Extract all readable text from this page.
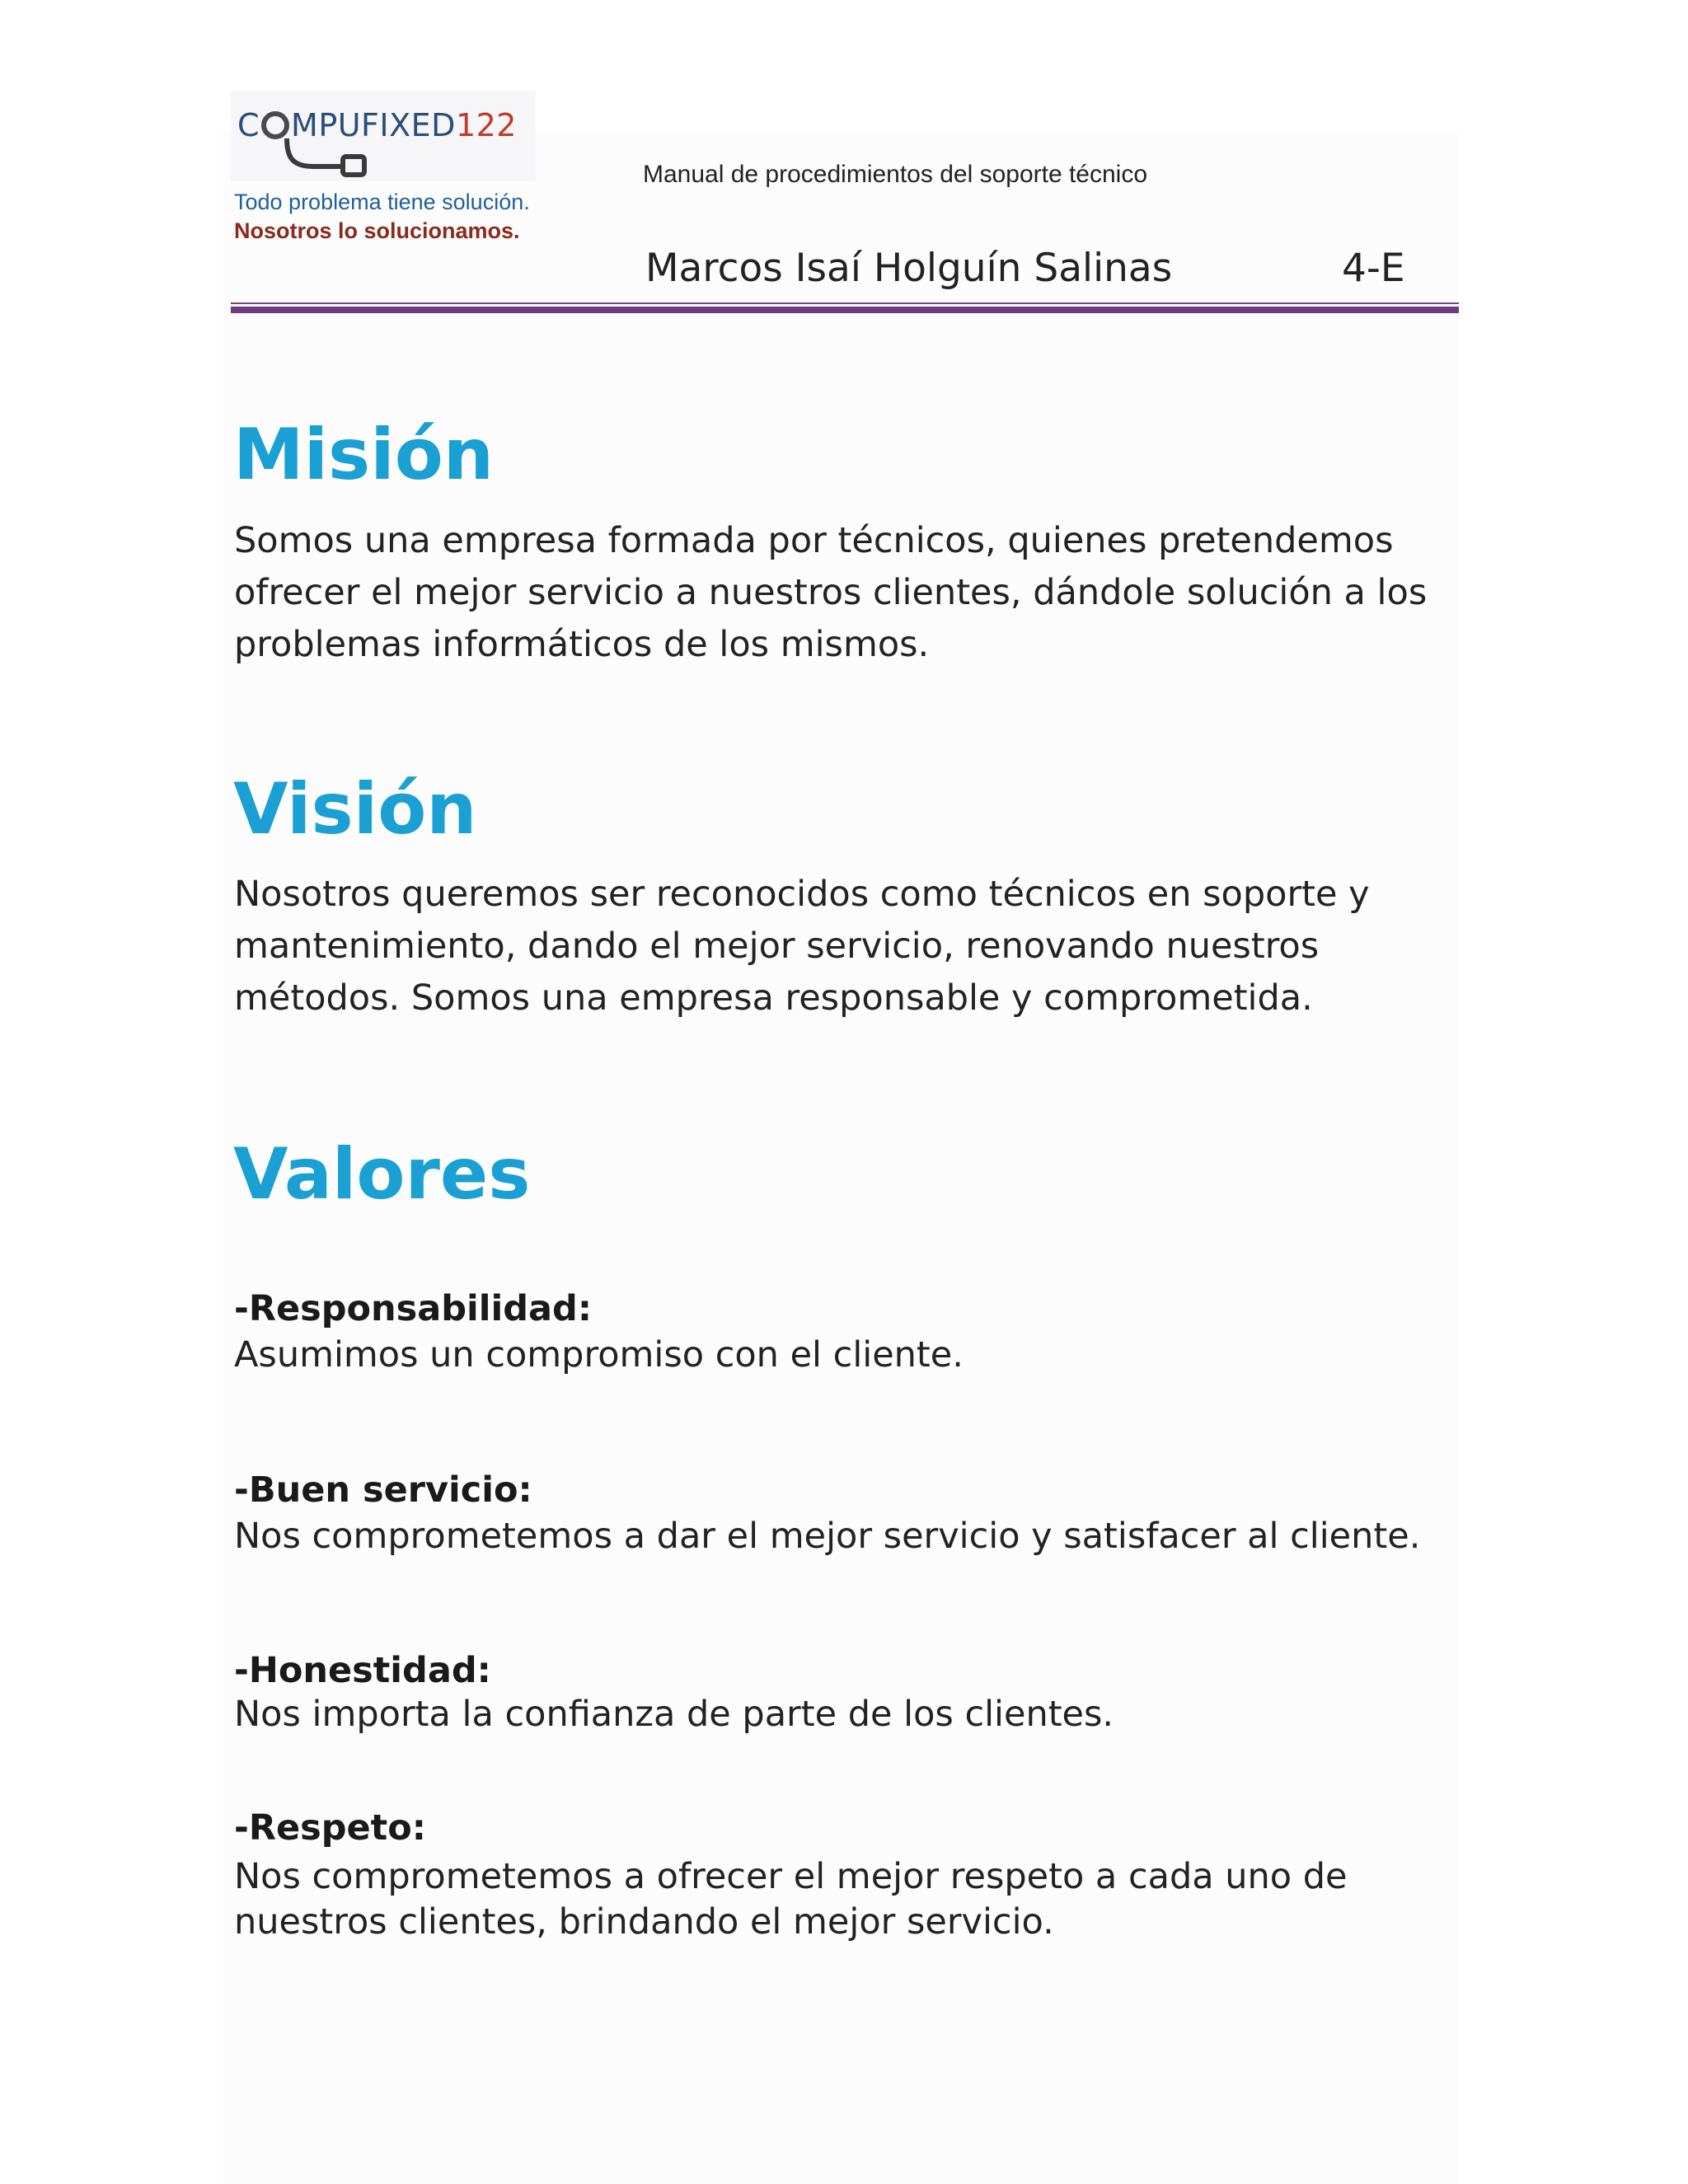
C MPUFIXED122
Todo problema tiene solución.
Nosotros lo solucionamos.
Manual de procedimientos del soporte técnico
Marcos Isaí Holguín Salinas	4-E
Misión
Somos una empresa formada por técnicos, quienes pretendemos
ofrecer el mejor servicio a nuestros clientes, dándole solución a los
problemas informáticos de los mismos.
Visión
Nosotros queremos ser reconocidos como técnicos en soporte y
mantenimiento, dando el mejor servicio, renovando nuestros
métodos. Somos una empresa responsable y comprometida.
Valores
-Responsabilidad:
Asumimos un compromiso con el cliente.
-Buen servicio:
Nos comprometemos a dar el mejor servicio y satisfacer al cliente.
-Honestidad:
Nos importa la confianza de parte de los clientes.
-Respeto:
Nos comprometemos a ofrecer el mejor respeto a cada uno de
nuestros clientes, brindando el mejor servicio.
